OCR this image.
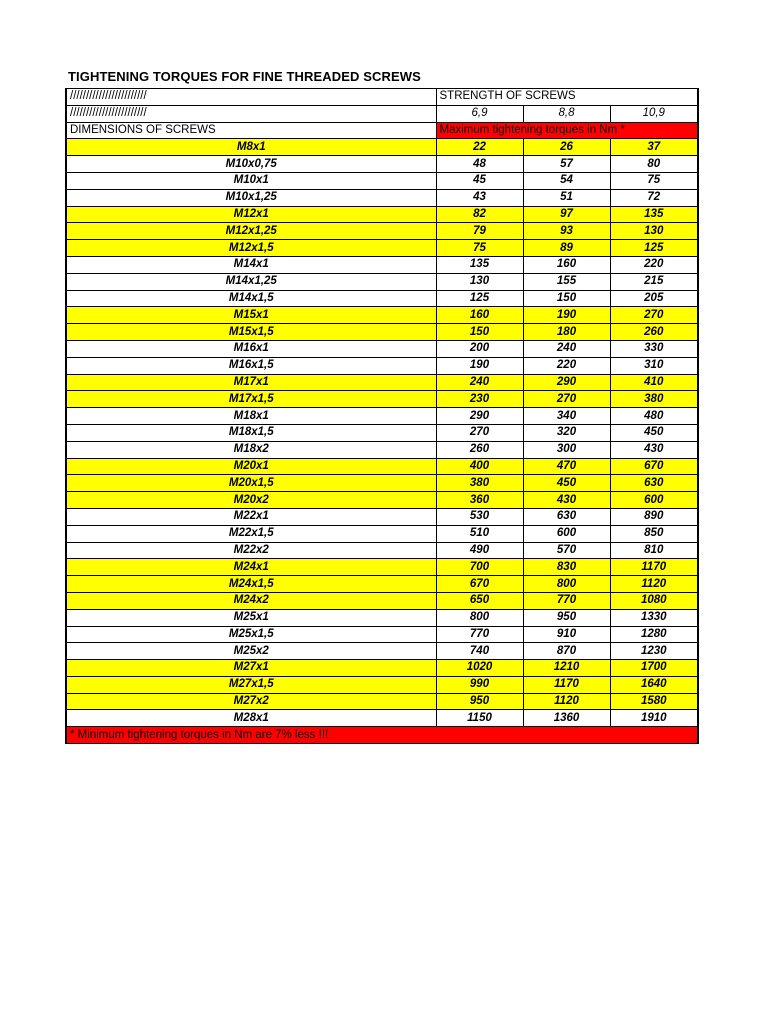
TIGHTENING TORQUES FOR FINE THREADED SCREWS
////////////////////////	STRENGTH OF SCREWS		
////////////////////////	6,9	8,8	10,9
DIMENSIONS OF SCREWS	Maximum tightening torques in Nm *		
M8x1	22	26	37
M10x0,75	48	57	80
M10x1	45	54	75
M10x1,25	43	51	72
M12x1	82	97	135
M12x1,25	79	93	130
M12x1,5	75	89	125
M14x1	135	160	220
M14x1,25	130	155	215
M14x1,5	125	150	205
M15x1	160	190	270
M15x1,5	150	180	260
M16x1	200	240	330
M16x1,5	190	220	310
M17x1	240	290	410
M17x1,5	230	270	380
M18x1	290	340	480
M18x1,5	270	320	450
M18x2	260	300	430
M20x1	400	470	670
M20x1,5	380	450	630
M20x2	360	430	600
M22x1	530	630	890
M22x1,5	510	600	850
M22x2	490	570	810
M24x1	700	830	1170
M24x1,5	670	800	1120
M24x2	650	770	1080
M25x1	800	950	1330
M25x1,5	770	910	1280
M25x2	740	870	1230
M27x1	1020	1210	1700
M27x1,5	990	1170	1640
M27x2	950	1120	1580
M28x1	1150	1360	1910
* Minimum tightening torques in Nm are 7% less !!!			
